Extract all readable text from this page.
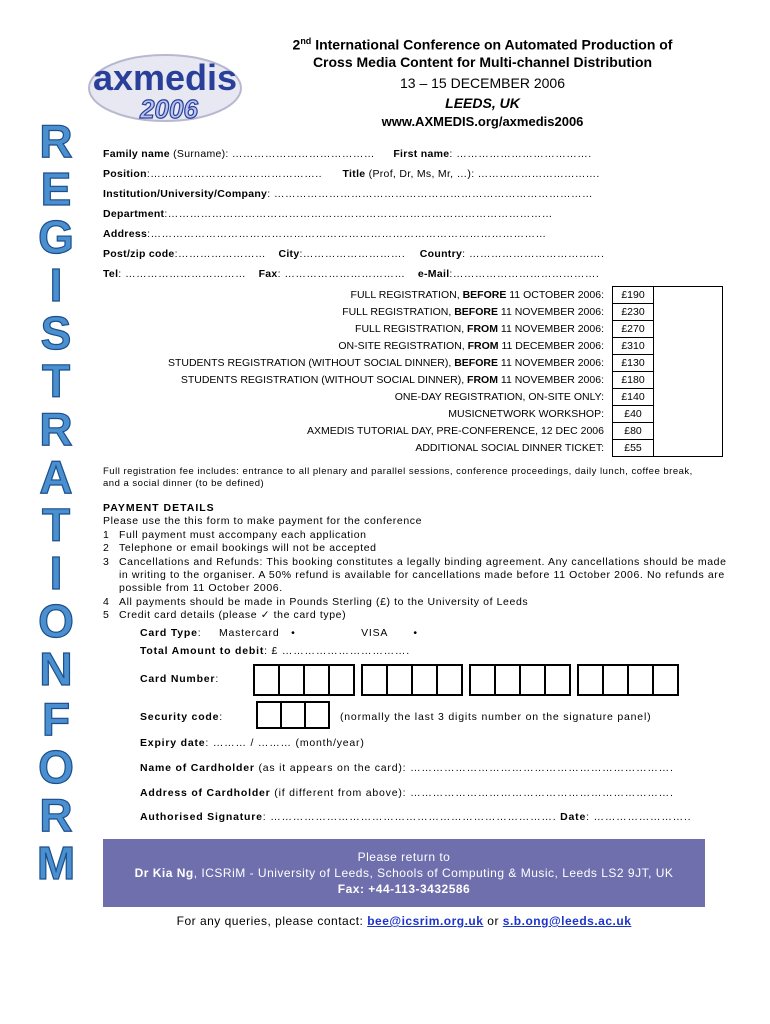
axmedis
2006
2nd International Conference on Automated Production of
Cross Media Content for Multi-channel Distribution
13 – 15 DECEMBER 2006
LEEDS, UK
www.AXMEDIS.org/axmedis2006
R
E
G
I
S
T
R
A
T
I
O
N
F
O
R
M
Family name (Surname): ………………………………… First name: ……………………………….
Position:……………………………………….. Title (Prof, Dr, Ms, Mr, …): …………………………….
Institution/University/Company: ……………………………………………………………………………
Department:……………………………………………………………………………………………
Address:………………………………………………………………………………………………
Post/zip code:…………………… City:………………………. Country: ……………………………….
Tel: …………………………… Fax: …………………………… e-Mail:………………………………….
FULL REGISTRATION, BEFORE 11 OCTOBER 2006:	£190	
FULL REGISTRATION, BEFORE 11 NOVEMBER 2006:	£230	
FULL REGISTRATION, FROM 11 NOVEMBER 2006:	£270	
ON-SITE REGISTRATION, FROM 11 DECEMBER 2006:	£310	
STUDENTS REGISTRATION (WITHOUT SOCIAL DINNER), BEFORE 11 NOVEMBER 2006:	£130	
STUDENTS REGISTRATION (WITHOUT SOCIAL DINNER), FROM 11 NOVEMBER 2006:	£180	
ONE-DAY REGISTRATION, ON-SITE ONLY:	£140	
MUSICNETWORK WORKSHOP:	£40	
AXMEDIS TUTORIAL DAY, PRE-CONFERENCE, 12 DEC 2006	£80	
ADDITIONAL SOCIAL DINNER TICKET:	£55	
Full registration fee includes: entrance to all plenary and parallel sessions, conference proceedings, daily lunch, coffee break, and a social dinner (to be defined)
PAYMENT DETAILS
Please use the this form to make payment for the conference
1 Full payment must accompany each application
2 Telephone or email bookings will not be accepted
3 Cancellations and Refunds: This booking constitutes a legally binding agreement. Any cancellations should be made in writing to the organiser. A 50% refund is available for cancellations made before 11 October 2006. No refunds are possible from 11 October 2006.
4 All payments should be made in Pounds Sterling (£) to the University of Leeds
5 Credit card details (please ✓ the card type)
Card Type: Mastercard •	VISA •
Total Amount to debit: £ …………………………….
Card Number:
Security code:	(normally the last 3 digits number on the signature panel)
Expiry date: ……… / ……… (month/year)
Name of Cardholder (as it appears on the card): …………………………………………………………….
Address of Cardholder (if different from above): …………………………………………………………….
Authorised Signature: …………………………………………………………………. Date: ……………………..
Please return to
Dr Kia Ng, ICSRiM - University of Leeds, Schools of Computing & Music, Leeds LS2 9JT, UK
Fax: +44-113-3432586
For any queries, please contact: bee@icsrim.org.uk or s.b.ong@leeds.ac.uk
